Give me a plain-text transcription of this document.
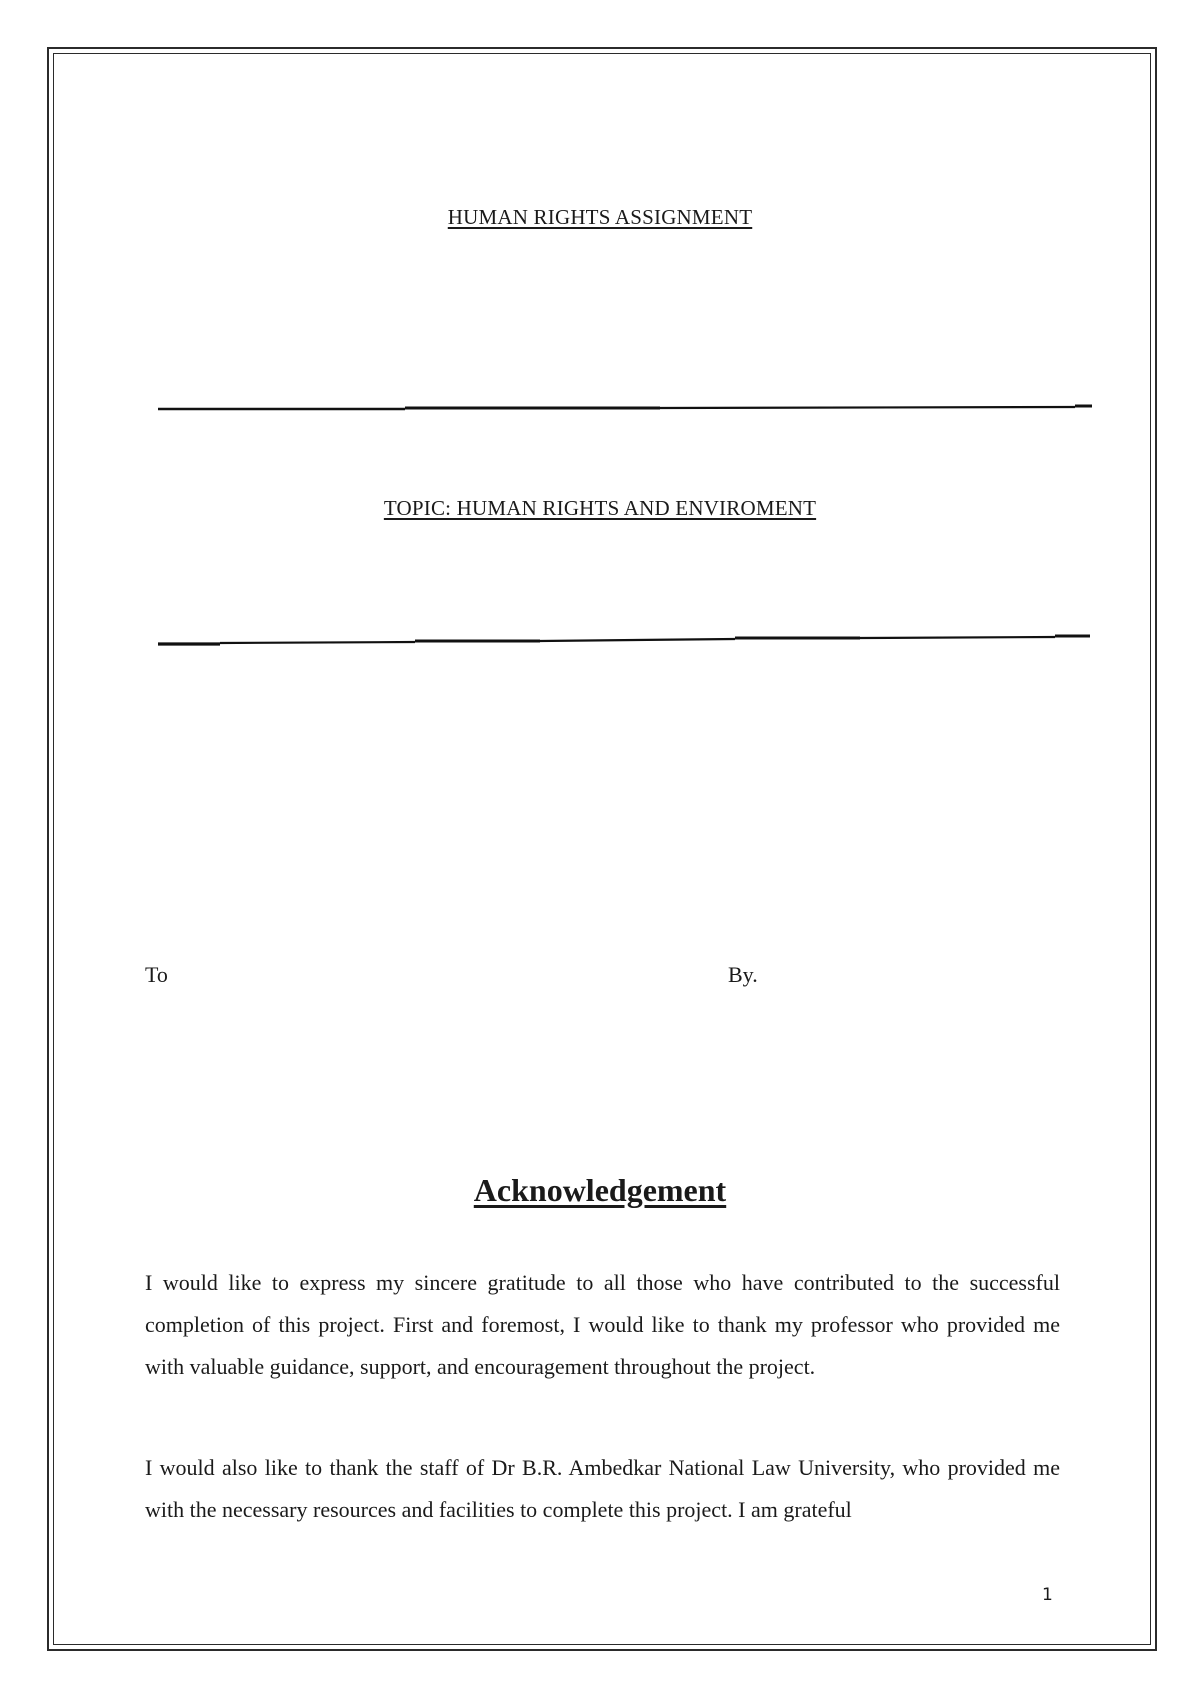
HUMAN RIGHTS ASSIGNMENT
TOPIC: HUMAN RIGHTS AND ENVIROMENT
To	By.
Acknowledgement

I would like to express my sincere gratitude to all those who have contributed to the successful completion of this project. First and foremost, I would like to thank my professor who provided me with valuable guidance, support, and encouragement throughout the project.

I would also like to thank the staff of Dr B.R. Ambedkar National Law University, who provided me with the necessary resources and facilities to complete this project. I am grateful

1
